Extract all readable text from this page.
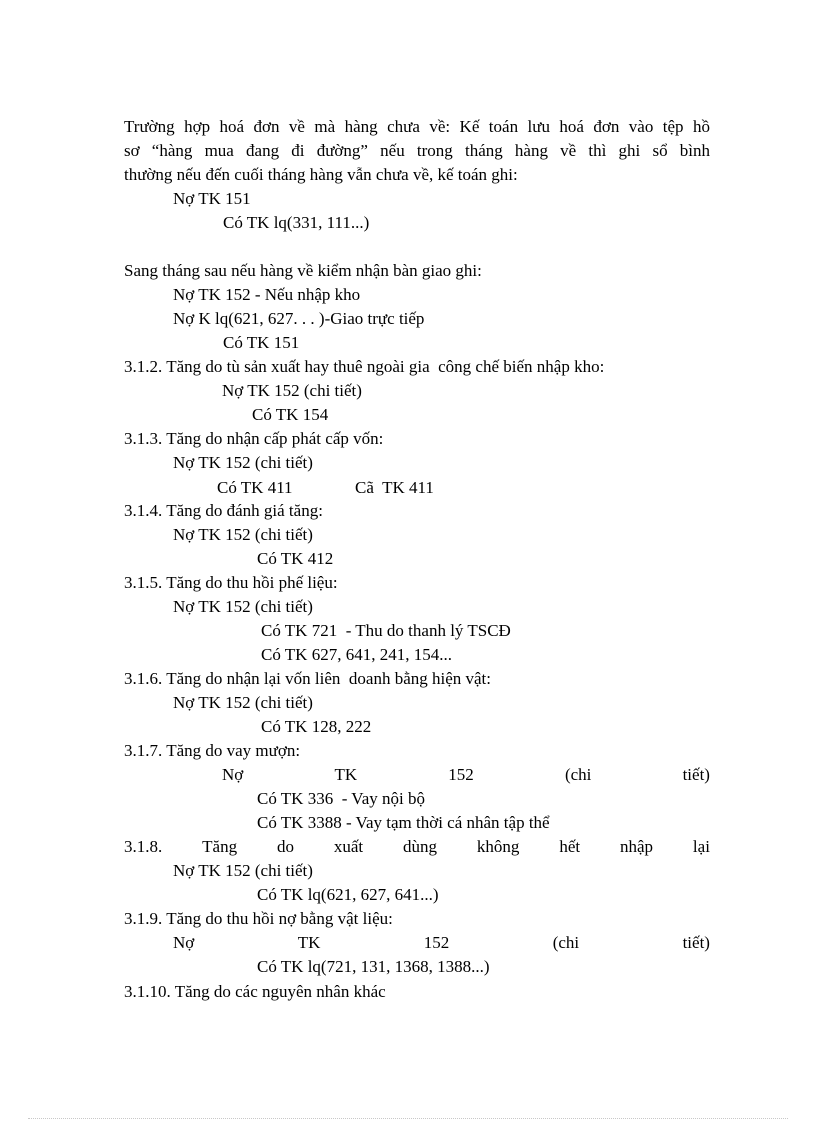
Trường hợp hoá đơn về mà hàng chưa về: Kế toán lưu hoá đơn vào tệp hồ
sơ “hàng mua đang đi đường” nếu trong tháng hàng về thì ghi sổ bình
thường nếu đến cuối tháng hàng vẫn chưa về, kế toán ghi:
Nợ TK 151
Có TK lq(331, 111...)
Sang tháng sau nếu hàng về kiểm nhận bàn giao ghi:
Nợ TK 152 - Nếu nhập kho
Nợ K lq(621, 627. . . )-Giao trực tiếp
Có TK 151
3.1.2. Tăng do tù sản xuất hay thuê ngoài gia  công chế biến nhập kho:
Nợ TK 152 (chi tiết)
Có TK 154
3.1.3. Tăng do nhận cấp phát cấp vốn:
Nợ TK 152 (chi tiết)
Có TK 411	Cã  TK 411
3.1.4. Tăng do đánh giá tăng:
Nợ TK 152 (chi tiết)
Có TK 412
3.1.5. Tăng do thu hồi phế liệu:
Nợ TK 152 (chi tiết)
Có TK 721  - Thu do thanh lý TSCĐ
Có TK 627, 641, 241, 154...
3.1.6. Tăng do nhận lại vốn liên  doanh bằng hiện vật:
Nợ TK 152 (chi tiết)
Có TK 128, 222
3.1.7. Tăng do vay mượn:
Nợ	TK	152	(chi	tiết)
Có TK 336  - Vay nội bộ
Có TK 3388 - Vay tạm thời cá nhân tập thể
3.1.8. Tăng do xuất dùng không hết nhập lại
Nợ TK 152 (chi tiết)
Có TK lq(621, 627, 641...)
3.1.9. Tăng do thu hồi nợ bằng vật liệu:
Nợ	TK	152	(chi	tiết)
Có TK lq(721, 131, 1368, 1388...)
3.1.10. Tăng do các nguyên nhân khác
